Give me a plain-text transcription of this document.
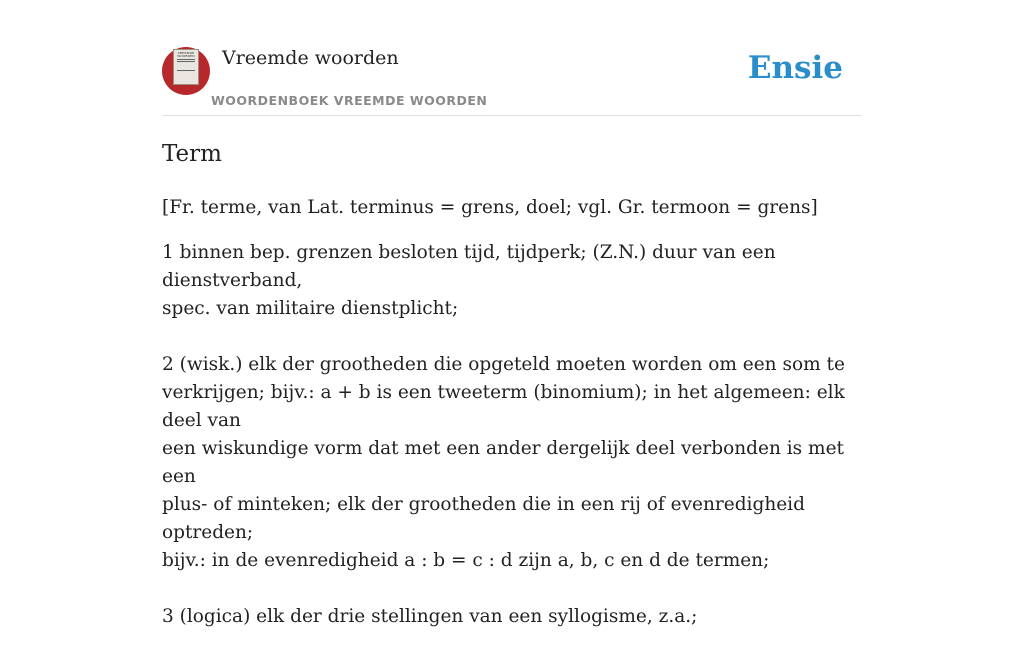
VREEMDE
WOORDEN Vreemde woorden
WOORDENBOEK VREEMDE WOORDEN
Ensie
Term

[Fr. terme, van Lat. terminus = grens, doel; vgl. Gr. termoon = grens]

1 binnen bep. grenzen besloten tijd, tijdperk; (Z.N.) duur van een dienstverband,
spec. van militaire dienstplicht;

2 (wisk.) elk der grootheden die opgeteld moeten worden om een som te
verkrijgen; bijv.: a + b is een tweeterm (binomium); in het algemeen: elk deel van
een wiskundige vorm dat met een ander dergelijk deel verbonden is met een
plus- of minteken; elk der grootheden die in een rij of evenredigheid optreden;
bijv.: in de evenredigheid a : b = c : d zijn a, b, c en d de termen;

3 (logica) elk der drie stellingen van een syllogisme, z.a.;
